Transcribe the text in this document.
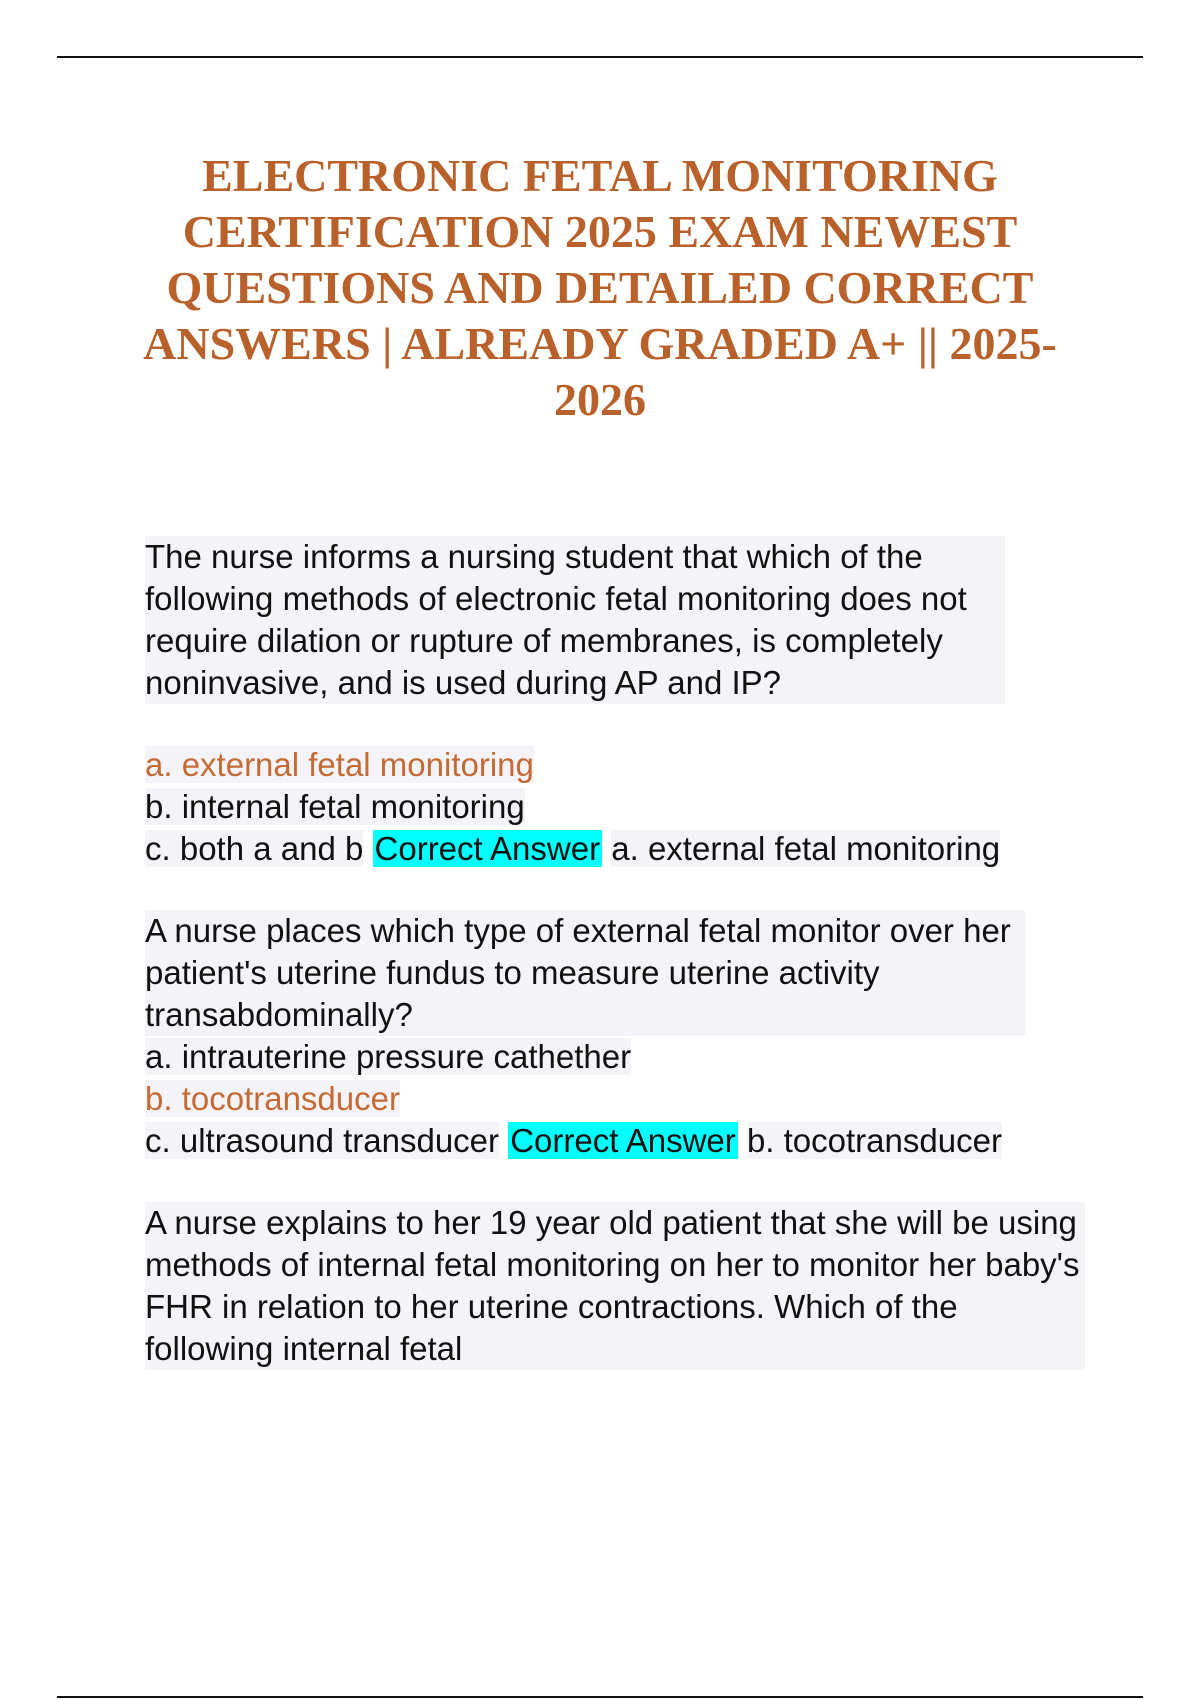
ELECTRONIC FETAL MONITORING CERTIFICATION 2025 EXAM NEWEST QUESTIONS AND DETAILED CORRECT ANSWERS | ALREADY GRADED A+ || 2025-2026

The nurse informs a nursing student that which of the following methods of electronic fetal monitoring does not require dilation or rupture of membranes, is completely noninvasive, and is used during AP and IP?

a. external fetal monitoring
b. internal fetal monitoring
c. both a and b Correct Answer a. external fetal monitoring

A nurse places which type of external fetal monitor over her patient's uterine fundus to measure uterine activity transabdominally?

a. intrauterine pressure cathether
b. tocotransducer
c. ultrasound transducer Correct Answer b. tocotransducer

A nurse explains to her 19 year old patient that she will be using methods of internal fetal monitoring on her to monitor her baby's FHR in relation to her uterine contractions. Which of the following internal fetal
